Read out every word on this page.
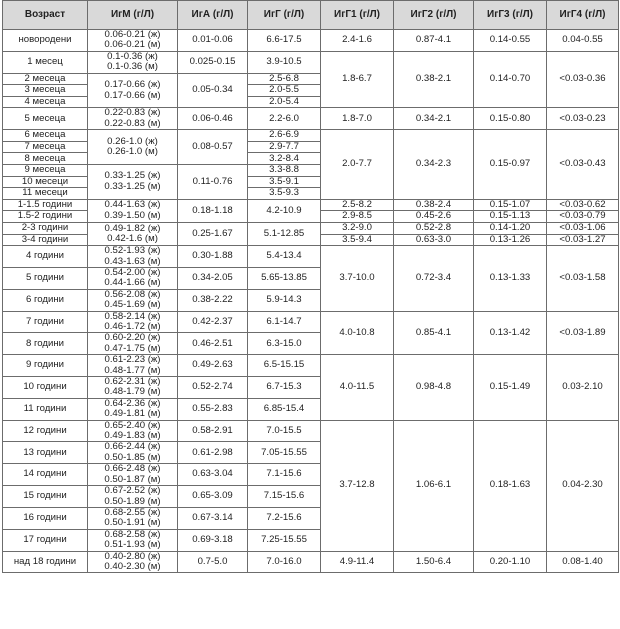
Возраст	ИгМ (г/Л)	ИгА (г/Л)	ИгГ (г/Л)	ИгГ1 (г/Л)	ИгГ2 (г/Л)	ИгГ3 (г/Л)	ИгГ4 (г/Л)
новородени	0.06-0.21 (ж)
0.06-0.21 (м)	0.01-0.06	6.6-17.5	2.4-1.6	0.87-4.1	0.14-0.55	0.04-0.55

1 месец	0.1-0.36 (ж)
0.1-0.36 (м)	0.025-0.15	3.9-10.5	1.8-6.7	0.38-2.1	0.14-0.70	<0.03-0.36

2 месеца	0.17-0.66 (ж)
0.17-0.66 (м)	0.05-0.34	2.5-6.8				
3 месеца			2.0-5.5				
4 месеца			2.0-5.4				
5 месеца	0.22-0.83 (ж)
0.22-0.83 (м)	0.06-0.46	2.2-6.0	1.8-7.0	0.34-2.1	0.15-0.80	<0.03-0.23

6 месеца	0.26-1.0 (ж)
0.26-1.0 (м)	0.08-0.57	2.6-6.9	2.0-7.7	0.34-2.3	0.15-0.97	<0.03-0.43
7 месеца			2.9-7.7				
8 месеца			3.2-8.4				
9 месеца	0.33-1.25 (ж)
0.33-1.25 (м)	0.11-0.76	3.3-8.8				
10 месеци			3.5-9.1				
11 месеци			3.5-9.3				
1-1.5 години	0.44-1.63 (ж)
0.39-1.50 (м)	0.18-1.18	4.2-10.9	2.5-8.2	0.38-2.4	0.15-1.07	<0.03-0.62
1.5-2 години				2.9-8.5	0.45-2.6	0.15-1.13	<0.03-0.79
2-3 години	0.49-1.82 (ж)
0.42-1.6 (м)	0.25-1.67	5.1-12.85	3.2-9.0	0.52-2.8	0.14-1.20	<0.03-1.06
3-4 години				3.5-9.4	0.63-3.0	0.13-1.26	<0.03-1.27
4 години	0.52-1.93 (ж)
0.43-1.63 (м)	0.30-1.88	5.4-13.4	3.7-10.0	0.72-3.4	0.13-1.33	<0.03-1.58

5 години	0.54-2.00 (ж)
0.44-1.66 (м)	0.34-2.05	5.65-13.85				

6 години	0.56-2.08 (ж)
0.45-1.69 (м)	0.38-2.22	5.9-14.3				

7 години	0.58-2.14 (ж)
0.46-1.72 (м)	0.42-2.37	6.1-14.7	4.0-10.8	0.85-4.1	0.13-1.42	<0.03-1.89

8 години	0.60-2.20 (ж)
0.47-1.75 (м)	0.46-2.51	6.3-15.0				

9 години	0.61-2.23 (ж)
0.48-1.77 (м)	0.49-2.63	6.5-15.15	4.0-11.5	0.98-4.8	0.15-1.49	0.03-2.10

10 години	0.62-2.31 (ж)
0.48-1.79 (м)	0.52-2.74	6.7-15.3				

11 години	0.64-2.36 (ж)
0.49-1.81 (м)	0.55-2.83	6.85-15.4				

12 години	0.65-2.40 (ж)
0.49-1.83 (м)	0.58-2.91	7.0-15.5	3.7-12.8	1.06-6.1	0.18-1.63	0.04-2.30

13 години	0.66-2.44 (ж)
0.50-1.85 (м)	0.61-2.98	7.05-15.55				

14 години	0.66-2.48 (ж)
0.50-1.87 (м)	0.63-3.04	7.1-15.6				

15 години	0.67-2.52 (ж)
0.50-1.89 (м)	0.65-3.09	7.15-15.6				

16 години	0.68-2.55 (ж)
0.50-1.91 (м)	0.67-3.14	7.2-15.6				

17 години	0.68-2.58 (ж)
0.51-1.93 (м)	0.69-3.18	7.25-15.55				

над 18 години	0.40-2.80 (ж)
0.40-2.30 (м)	0.7-5.0	7.0-16.0	4.9-11.4	1.50-6.4	0.20-1.10	0.08-1.40
